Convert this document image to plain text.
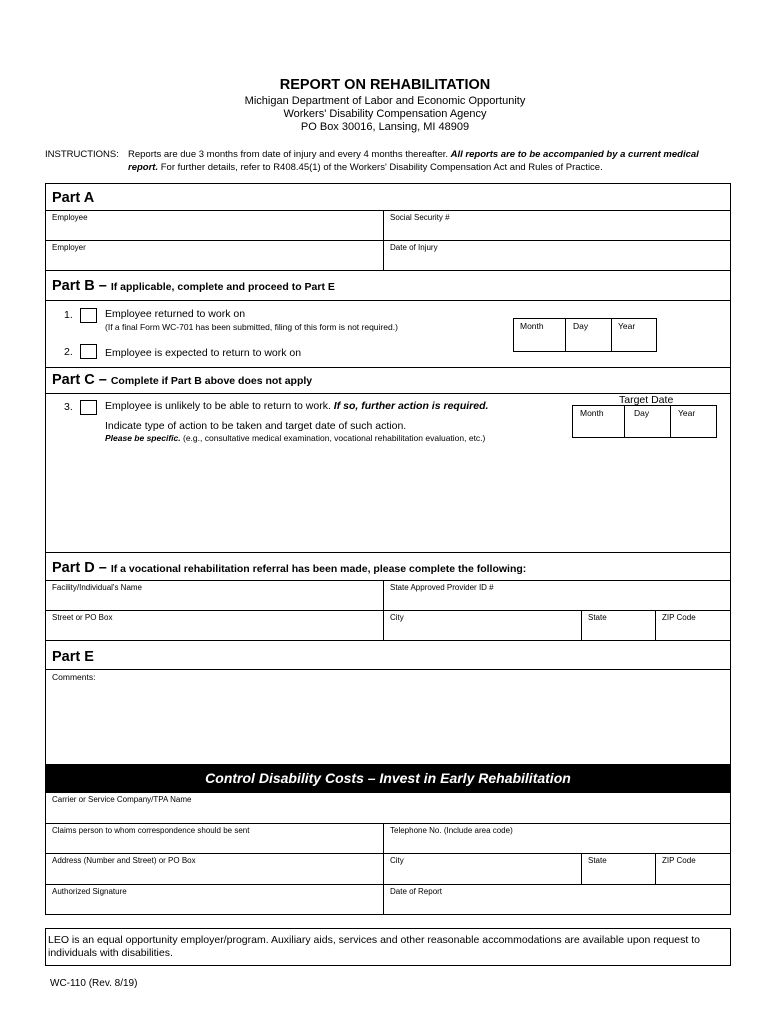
REPORT ON REHABILITATION
Michigan Department of Labor and Economic Opportunity
Workers' Disability Compensation Agency
PO Box 30016, Lansing, MI 48909
INSTRUCTIONS: Reports are due 3 months from date of injury and every 4 months thereafter. All reports are to be accompanied by a current medical report. For further details, refer to R408.45(1) of the Workers' Disability Compensation Act and Rules of Practice.
Part A
Employee	Social Security #
Employer	Date of Injury
Part B – If applicable, complete and proceed to Part E
1.	Employee returned to work on
(If a final Form WC-701 has been submitted, filing of this form is not required.)
2.	Employee is expected to return to work on
Month	Day	Year
Part C – Complete if Part B above does not apply
3.	Employee is unlikely to be able to return to work. If so, further action is required.
Indicate type of action to be taken and target date of such action.
Please be specific. (e.g., consultative medical examination, vocational rehabilitation evaluation, etc.)
Target Date
Month	Day	Year
Part D – If a vocational rehabilitation referral has been made, please complete the following:
Facility/Individual's Name	State Approved Provider ID #
Street or PO Box	City	State	ZIP Code
Part E
Comments:
Control Disability Costs – Invest in Early Rehabilitation
Carrier or Service Company/TPA Name
Claims person to whom correspondence should be sent	Telephone No. (Include area code)
Address (Number and Street) or PO Box	City	State	ZIP Code
Authorized Signature	Date of Report
LEO is an equal opportunity employer/program. Auxiliary aids, services and other reasonable accommodations are available upon request to individuals with disabilities.
WC-110 (Rev. 8/19)
